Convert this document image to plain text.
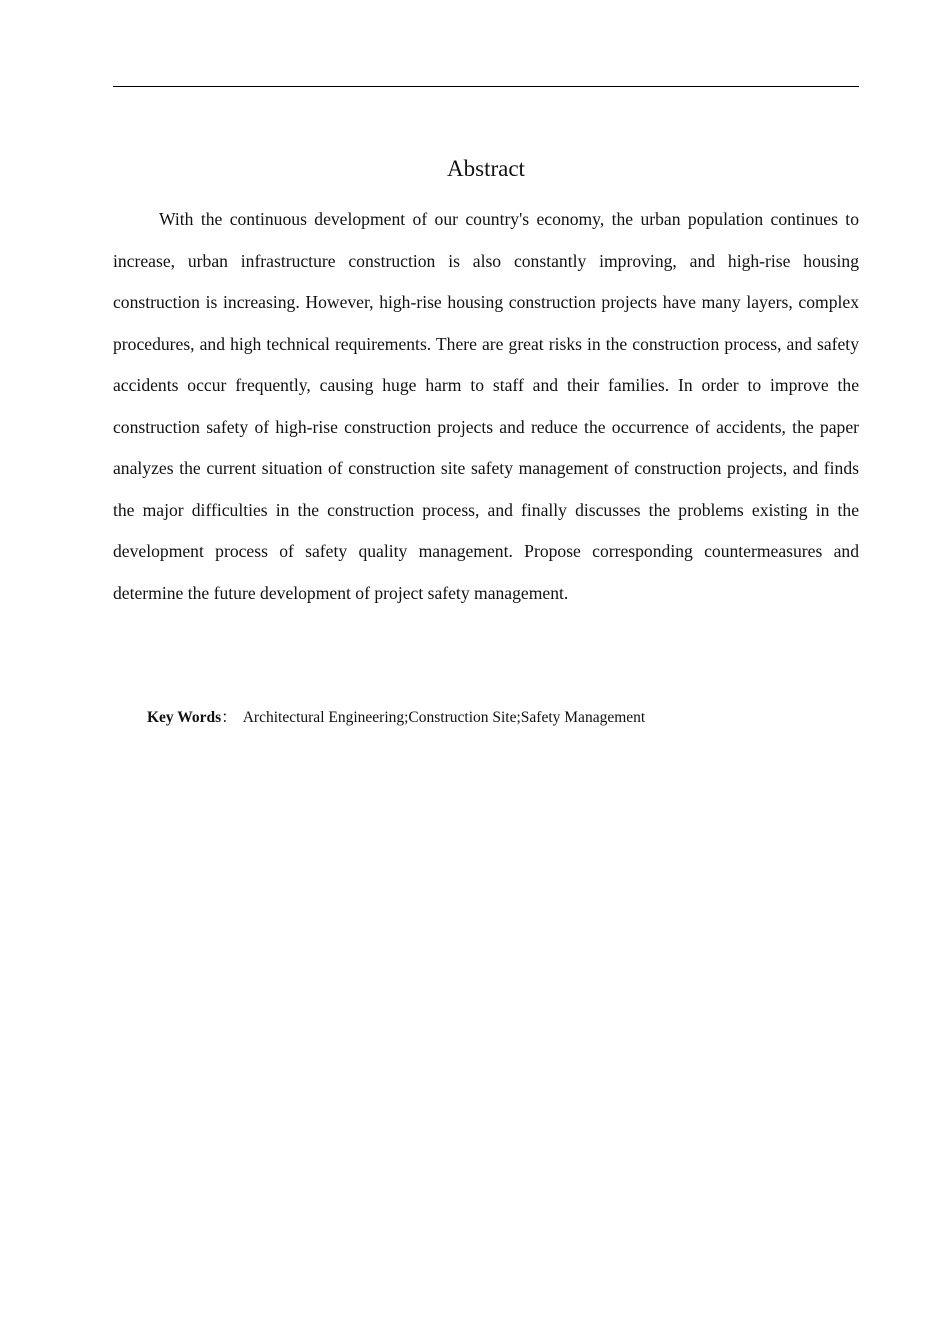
Abstract

With the continuous development of our country's economy, the urban population continues to increase, urban infrastructure construction is also constantly improving, and high-rise housing construction is increasing. However, high-rise housing construction projects have many layers, complex procedures, and high technical requirements. There are great risks in the construction process, and safety accidents occur frequently, causing huge harm to staff and their families. In order to improve the construction safety of high-rise construction projects and reduce the occurrence of accidents, the paper analyzes the current situation of construction site safety management of construction projects, and finds the major difficulties in the construction process, and finally discusses the problems existing in the development process of safety quality management. Propose corresponding countermeasures and determine the future development of project safety management.

Key Words： Architectural Engineering;Construction Site;Safety Management
